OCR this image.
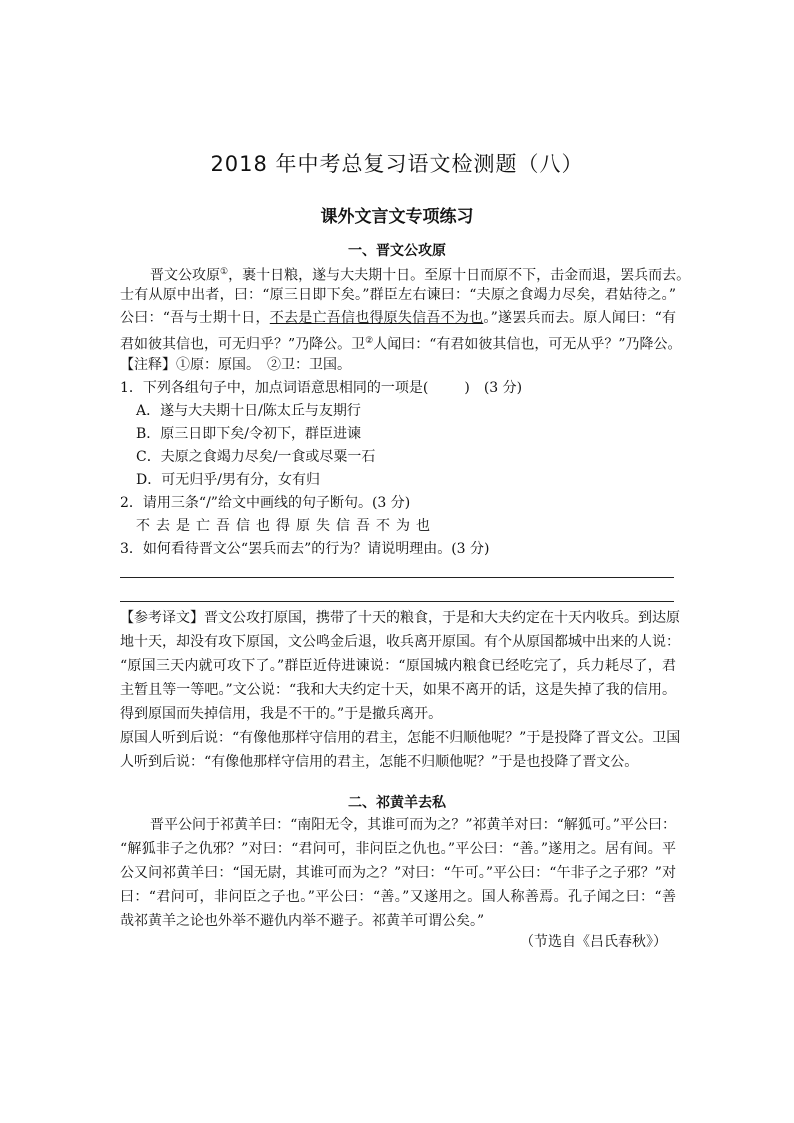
2018 年中考总复习语文检测题（八）
课外文言文专项练习
一、晋文公攻原
晋文公攻原①，裹十日粮，遂与大夫期十日。至原十日而原不下，击金而退，罢兵而去。
士有从原中出者，曰：“原三日即下矣。”群臣左右谏曰：“夫原之食竭力尽矣，君姑待之。”
公曰：“吾与士期十日，不去是亡吾信也得原失信吾不为也。”遂罢兵而去。原人闻曰：“有
君如彼其信也，可无归乎？”乃降公。卫②人闻曰：“有君如彼其信也，可无从乎？”乃降公。
【注释】①原：原国。　②卫：卫国。
1．下列各组句子中，加点词语意思相同的一项是(	)　(3 分)
A．遂与大夫期十日/陈太丘与友期行
B．原三日即下矣/令初下，群臣进谏
C．夫原之食竭力尽矣/一食或尽粟一石
D．可无归乎/男有分，女有归
2．请用三条“/”给文中画线的句子断句。(3 分)
不去是亡吾信也得原失信吾不为也
3．如何看待晋文公“罢兵而去”的行为？请说明理由。(3 分)
【参考译文】晋文公攻打原国，携带了十天的粮食，于是和大夫约定在十天内收兵。到达原
地十天，却没有攻下原国，文公鸣金后退，收兵离开原国。有个从原国都城中出来的人说：
“原国三天内就可攻下了。”群臣近侍进谏说：“原国城内粮食已经吃完了，兵力耗尽了，君
主暂且等一等吧。”文公说：“我和大夫约定十天，如果不离开的话，这是失掉了我的信用。
得到原国而失掉信用，我是不干的。”于是撤兵离开。
原国人听到后说：“有像他那样守信用的君主，怎能不归顺他呢？”于是投降了晋文公。卫国
人听到后说：“有像他那样守信用的君主，怎能不归顺他呢？”于是也投降了晋文公。
二、祁黄羊去私
晋平公问于祁黄羊曰：“南阳无令，其谁可而为之？”祁黄羊对曰：“解狐可。”平公曰：
“解狐非子之仇邪？”对曰：“君问可，非问臣之仇也。”平公曰：“善。”遂用之。居有间。平
公又问祁黄羊曰：“国无尉，其谁可而为之？”对曰：“午可。”平公曰：“午非子之子邪？”对
曰：“君问可，非问臣之子也。”平公曰：“善。”又遂用之。国人称善焉。孔子闻之曰：“善
哉祁黄羊之论也外举不避仇内举不避子。祁黄羊可谓公矣。”
（节选自《吕氏春秋》）
